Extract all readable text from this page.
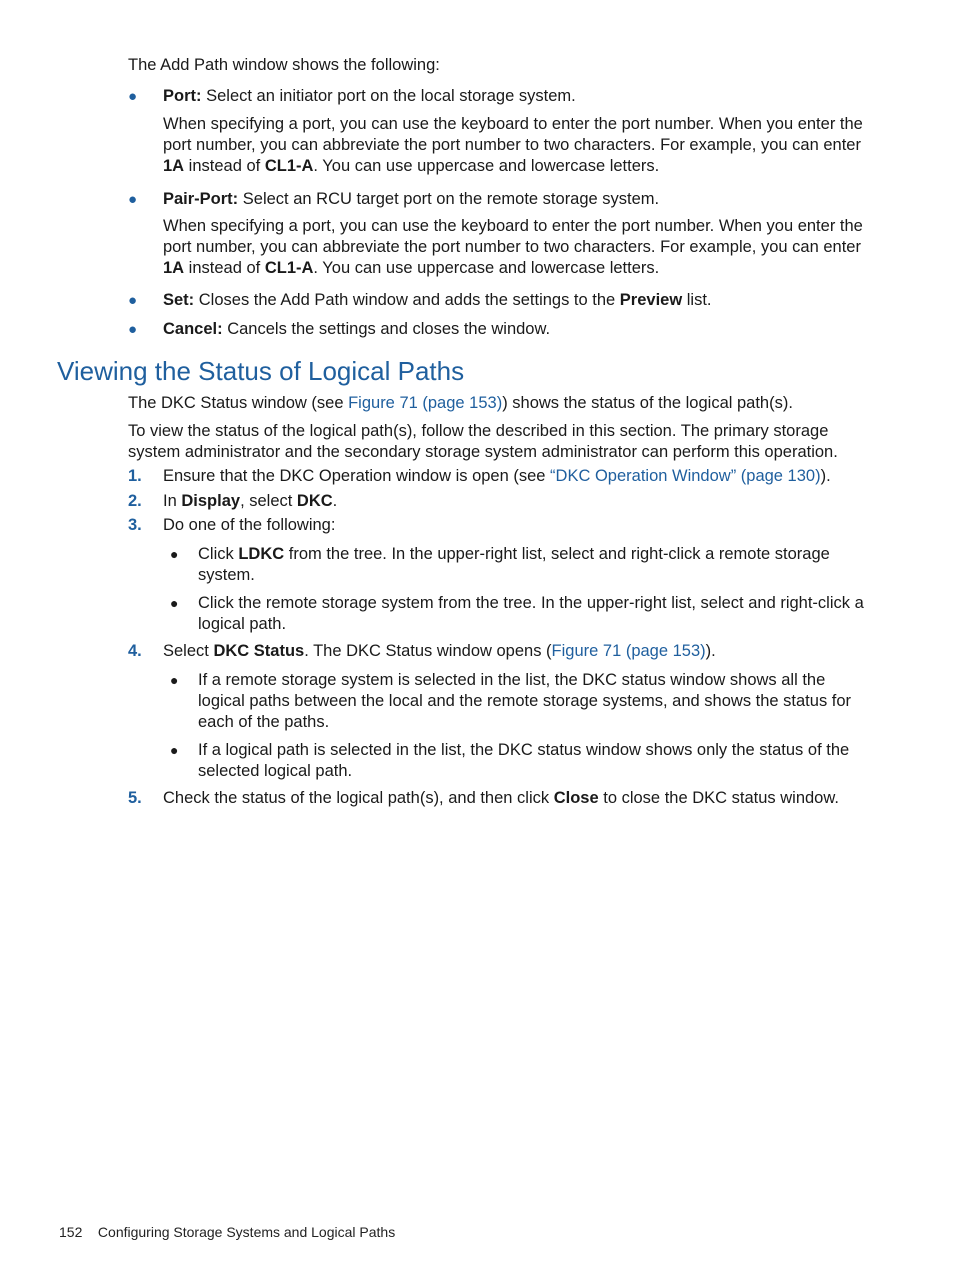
The Add Path window shows the following:
● Port: Select an initiator port on the local storage system.
When specifying a port, you can use the keyboard to enter the port number. When you enter the port number, you can abbreviate the port number to two characters. For example, you can enter 1A instead of CL1-A. You can use uppercase and lowercase letters.
● Pair-Port: Select an RCU target port on the remote storage system.
When specifying a port, you can use the keyboard to enter the port number. When you enter the port number, you can abbreviate the port number to two characters. For example, you can enter 1A instead of CL1-A. You can use uppercase and lowercase letters.
● Set: Closes the Add Path window and adds the settings to the Preview list.
● Cancel: Cancels the settings and closes the window.
Viewing the Status of Logical Paths
The DKC Status window (see Figure 71 (page 153)) shows the status of the logical path(s).
To view the status of the logical path(s), follow the described in this section. The primary storage system administrator and the secondary storage system administrator can perform this operation.
1. Ensure that the DKC Operation window is open (see “DKC Operation Window” (page 130)).
2. In Display, select DKC.
3. Do one of the following:
● Click LDKC from the tree. In the upper-right list, select and right-click a remote storage system.
● Click the remote storage system from the tree. In the upper-right list, select and right-click a logical path.
4. Select DKC Status. The DKC Status window opens (Figure 71 (page 153)).
● If a remote storage system is selected in the list, the DKC status window shows all the logical paths between the local and the remote storage systems, and shows the status for each of the paths.
● If a logical path is selected in the list, the DKC status window shows only the status of the selected logical path.
5. Check the status of the logical path(s), and then click Close to close the DKC status window.
152 Configuring Storage Systems and Logical Paths
